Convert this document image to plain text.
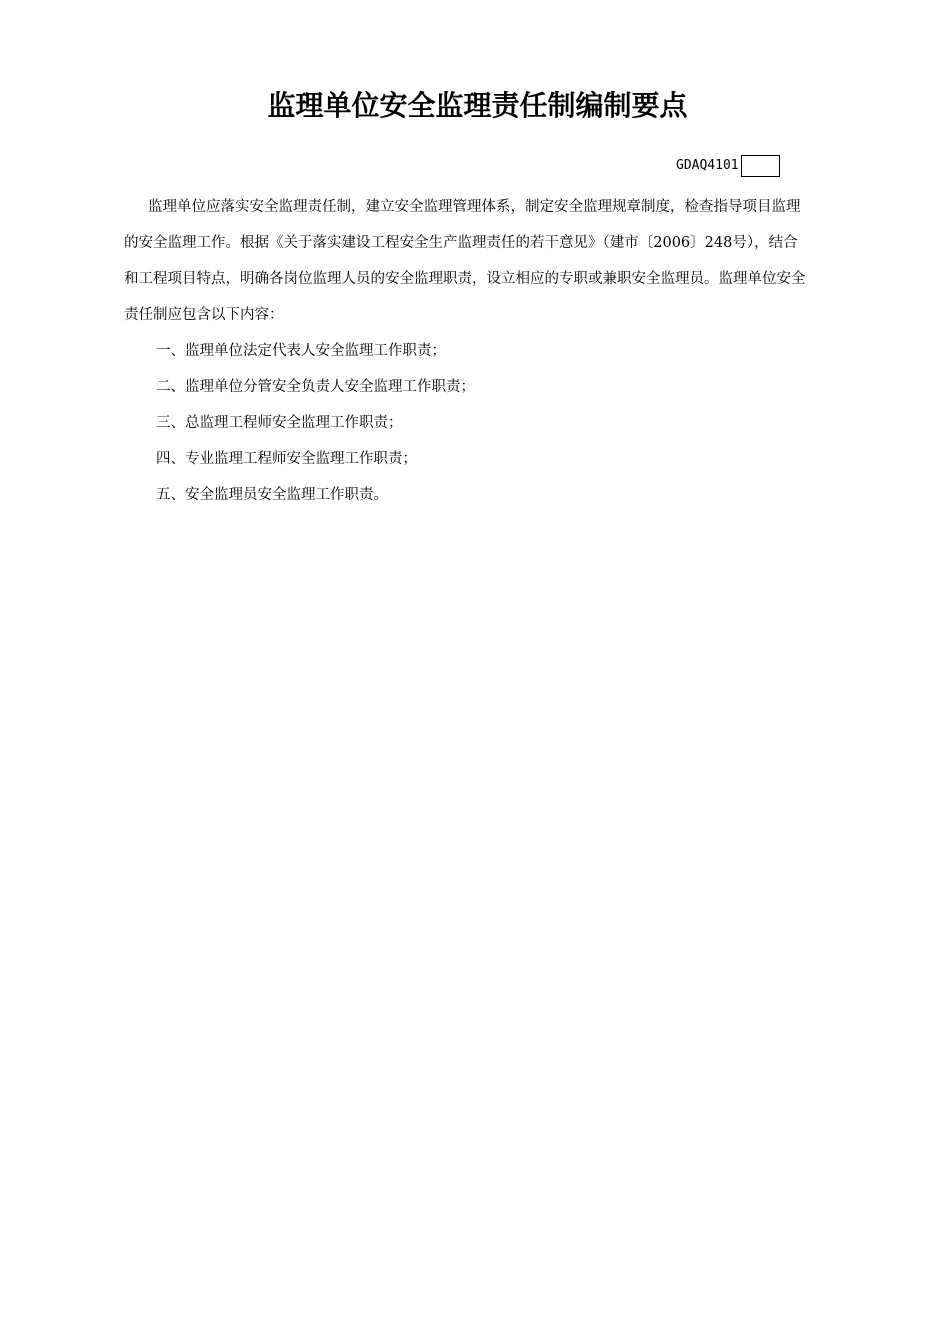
监理单位安全监理责任制编制要点
GDAQ4101
监理单位应落实安全监理责任制，建立安全监理管理体系，制定安全监理规章制度，检查指导项目监理
的安全监理工作。根据《关于落实建设工程安全生产监理责任的若干意见》（建市〔2006〕248号），结合
和工程项目特点，明确各岗位监理人员的安全监理职责，设立相应的专职或兼职安全监理员。监理单位安全
责任制应包含以下内容：
一、监理单位法定代表人安全监理工作职责；
二、监理单位分管安全负责人安全监理工作职责；
三、总监理工程师安全监理工作职责；
四、专业监理工程师安全监理工作职责；
五、安全监理员安全监理工作职责。
